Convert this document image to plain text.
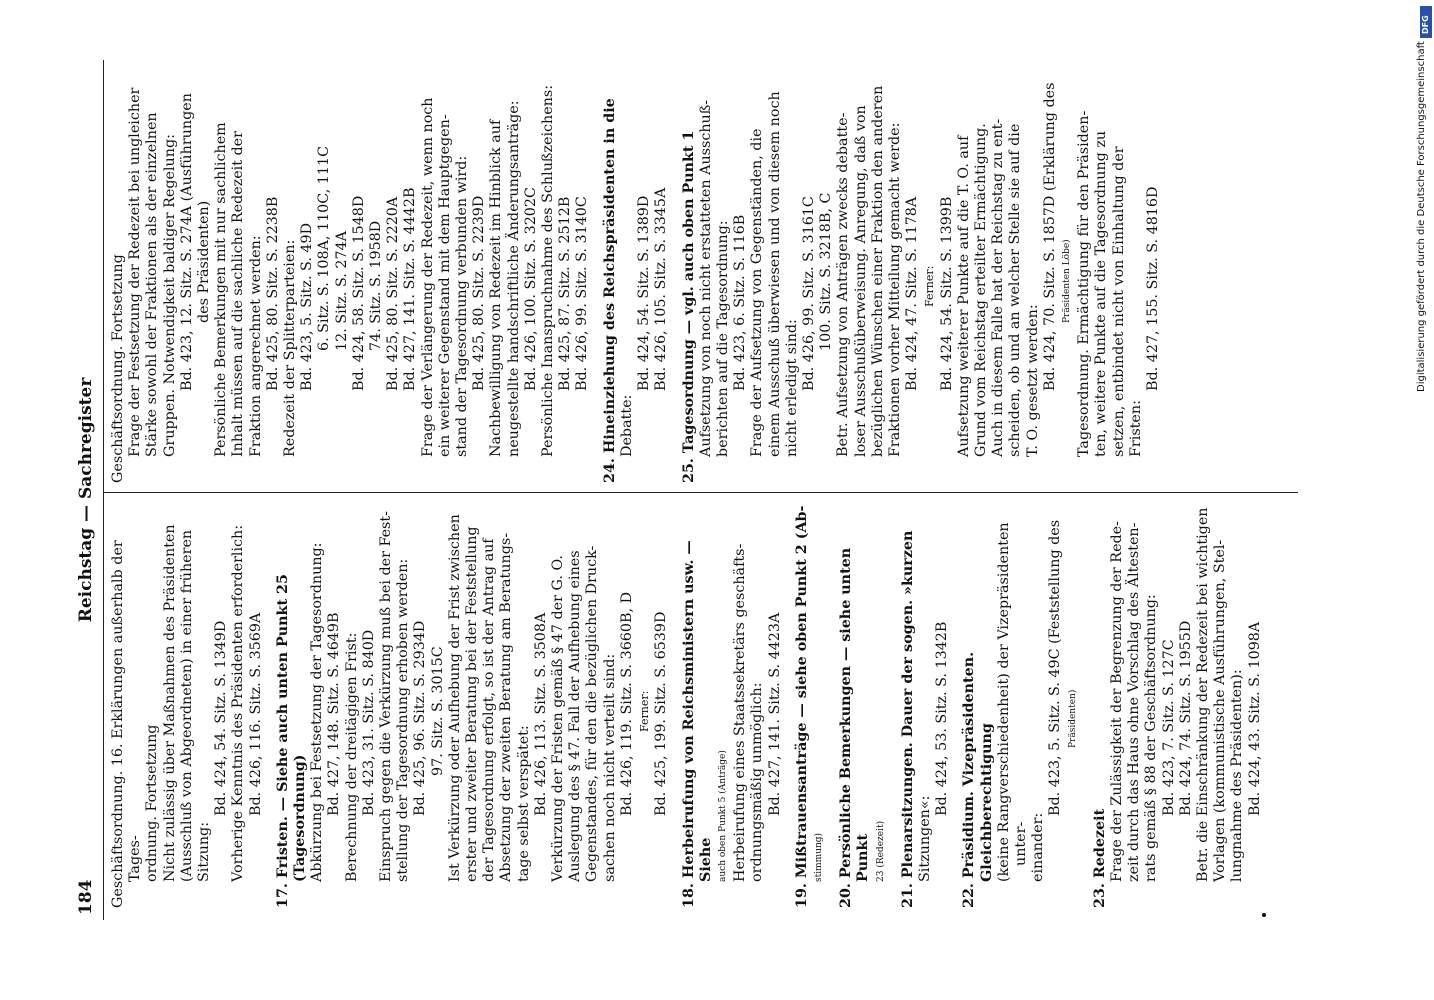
184
Reichstag — Sachregister

Geschäftsordnung. 16. Erklärungen außerhalb der Tages- ordnung. Fortsetzung Nicht zulässig über Maßnahmen des Präsidenten (Ausschluß von Abgeordneten) in einer früheren Sitzung:

Bd. 424, 54. Sitz. S. 1349D Vorherige Kenntnis des Präsidenten erforderlich: Bd. 426, 116. Sitz. S. 3569A 17. Fristen. — Siehe auch unten Punkt 25 (Tagesordnung) Abkürzung bei Festsetzung der Tagesordnung: Bd. 427, 148. Sitz. S. 4649B Berechnung der dreitägigen Frist: Bd. 423, 31. Sitz. S. 840D Einspruch gegen die Verkürzung muß bei der Fest- stellung der Tagesordnung erhoben werden: Bd. 425, 96. Sitz. S. 2934D 97. Sitz. S. 3015C Ist Verkürzung oder Aufhebung der Frist zwischen erster und zweiter Beratung bei der Feststellung der Tagesordnung erfolgt, so ist der Antrag auf Absetzung der zweiten Beratung am Beratungs- tage selbst verspätet: Bd. 426, 113. Sitz. S. 3508A Verkürzung der Fristen gemäß § 47 der G. O. Auslegung des § 47. Fall der Aufhebung eines Gegenstandes, für den die bezüglichen Druck- sachen noch nicht verteilt sind: Bd. 426, 119. Sitz. S. 3660B, D Ferner: Bd. 425, 199. Sitz. S. 6539D 18. Herbeirufung von Reichsministern usw. — Siehe auch oben Punkt 5 (Anträge) Herbeirufung eines Staatssekretärs geschäfts- ordnungsmäßig unmöglich: Bd. 427, 141. Sitz. S. 4423A 19. Mißtrauensanträge — siehe oben Punkt 2 (Ab- stimmung) 20. Persönliche Bemerkungen — siehe unten Punkt 23 (Redezeit) 21. Plenarsitzungen. Dauer der sogen. »kurzen Sitzungen«:

Bd. 424, 53. Sitz. S. 1342B 22. Präsidium. Vizepräsidenten. Gleichberechtigung (keine Rangverschiedenheit) der Vizepräsidenten unter- einander:

Bd. 423, 5. Sitz. S. 49C (Feststellung des Präsidenten)

23. Redezeit Frage der Zulässigkeit der Begrenzung der Rede- zeit durch das Haus ohne Vorschlag des Ältesten- rats gemäß § 88 der Geschäftsordnung: Bd. 423, 7. Sitz. S. 127C Bd. 424, 74. Sitz. S. 1955D Betr. die Einschränkung der Redezeit bei wichtigen Vorlagen (kommunistische Ausführungen, Stel- lungnahme des Präsidenten): Bd. 424, 43. Sitz. S. 1098A

Geschäftsordnung. Fortsetzung Frage der Festsetzung der Redezeit bei ungleicher Stärke sowohl der Fraktionen als der einzelnen Gruppen. Notwendigkeit baldiger Regelung: Bd. 423, 12. Sitz. S. 274A (Ausführungen des Präsidenten) Persönliche Bemerkungen mit nur sachlichem Inhalt müssen auf die sachliche Redezeit der Fraktion angerechnet werden: Bd. 425, 80. Sitz. S. 2238B Redezeit der Splitterparteien: Bd. 423, 5. Sitz. S. 49D 6. Sitz. S. 108A, 110C, 111C 12. Sitz. S. 274A Bd. 424, 58. Sitz. S. 1548D 74. Sitz. S. 1958D Bd. 425, 80. Sitz. S. 2220A Bd. 427, 141. Sitz. S. 4442B Frage der Verlängerung der Redezeit, wenn noch ein weiterer Gegenstand mit dem Hauptgegen- stand der Tagesordnung verbunden wird: Bd. 425, 80. Sitz. S. 2239D Nachbewilligung von Redezeit im Hinblick auf neugestellte handschriftliche Änderungsanträge: Bd. 426, 100. Sitz. S. 3202C Persönliche Inanspruchnahme des Schlußzeichens: Bd. 425, 87. Sitz. S. 2512B Bd. 426, 99. Sitz. S. 3140C 24. Hineinziehung des Reichspräsidenten in die Debatte:

Bd. 424, 54. Sitz. S. 1389D Bd. 426, 105. Sitz. S. 3345A 25. Tagesordnung — vgl. auch oben Punkt 1 Aufsetzung von noch nicht erstatteten Ausschuß- berichten auf die Tagesordnung: Bd. 423, 6. Sitz. S. 116B Frage der Aufsetzung von Gegenständen, die einem Ausschuß überwiesen und von diesem noch nicht erledigt sind: Bd. 426, 99. Sitz. S. 3161C 100. Sitz. S. 3218B, C Betr. Aufsetzung von Anträgen zwecks debatte- loser Ausschußüberweisung. Anregung, daß von bezüglichen Wünschen einer Fraktion den anderen Fraktionen vorher Mitteilung gemacht werde: Bd. 424, 47. Sitz. S. 1178A Ferner: Bd. 424, 54. Sitz. S. 1399B Aufsetzung weiterer Punkte auf die T. O. auf Grund vom Reichstag erteilter Ermächtigung. Auch in diesem Falle hat der Reichstag zu ent- scheiden, ob und an welcher Stelle sie auf die T. O. gesetzt werden: Bd. 424, 70. Sitz. S. 1857D (Erklärung des Präsidenten Löbe) Tagesordnung. Ermächtigung für den Präsiden- ten, weitere Punkte auf die Tagesordnung zu setzen, entbindet nicht von Einhaltung der Fristen:

Bd. 427, 155. Sitz. S. 4816D	Digitalisierung gefördert durch die Deutsche Forschungsgemeinschaft
DFG
